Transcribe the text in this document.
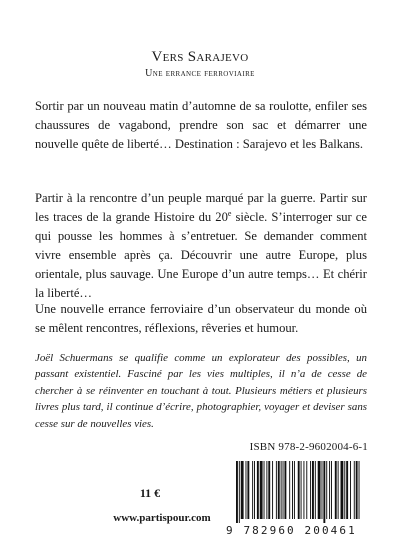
Vers Sarajevo
Une errance ferroviaire
Sortir par un nouveau matin d’automne de sa roulotte, enfiler ses chaussures de vagabond, prendre son sac et démarrer une nouvelle quête de liberté… Destination : Sarajevo et les Balkans.
Partir à la rencontre d’un peuple marqué par la guerre. Partir sur les traces de la grande Histoire du 20e siècle. S’interroger sur ce qui pousse les hommes à s’entretuer. Se demander comment vivre ensemble après ça. Découvrir une autre Europe, plus orientale, plus sauvage. Une Europe d’un autre temps… Et chérir la liberté…
Une nouvelle errance ferroviaire d’un observateur du monde où se mêlent rencontres, réflexions, rêveries et humour.
Joël Schuermans se qualifie comme un explorateur des possibles, un passant existentiel. Fasciné par les vies multiples, il n’a de cesse de chercher à se réinventer en touchant à tout. Plusieurs métiers et plusieurs livres plus tard, il continue d’écrire, photographier, voyager et deviser sans cesse sur de nouvelles vies.
ISBN 978-2-9602004-6-1
11 €
www.partispour.com
9 782960 200461
